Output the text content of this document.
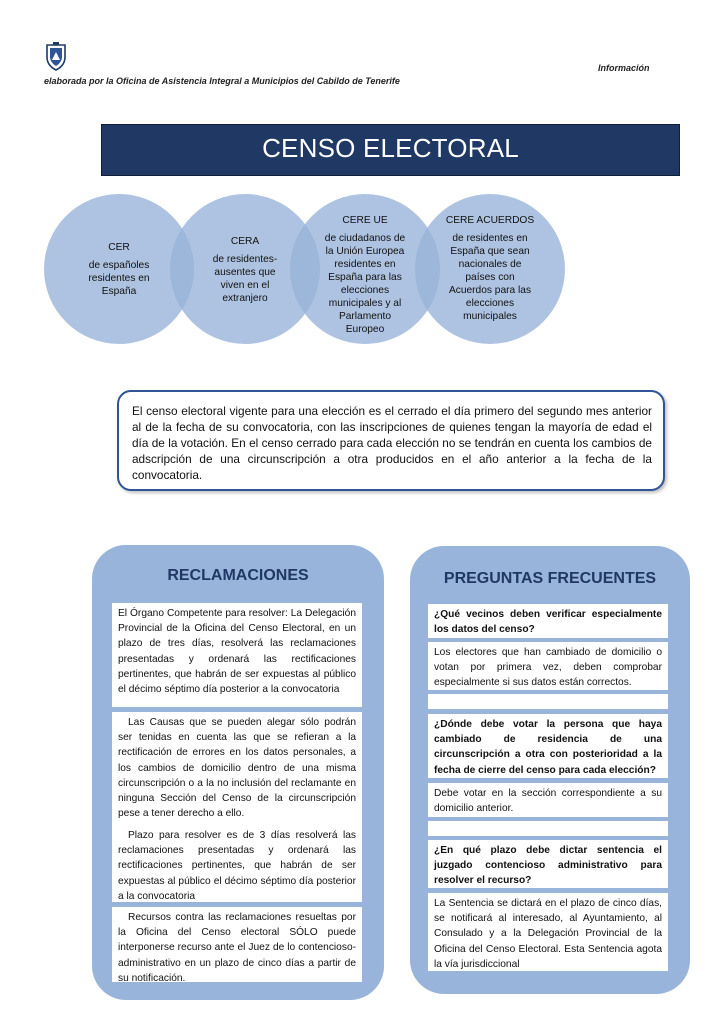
elaborada por la Oficina de Asistencia Integral a Municipios del Cabildo de Tenerife
Información
CENSO ELECTORAL
CER
de españoles
residentes en
España
CERA
de residentes-
ausentes que
viven en el
extranjero
CERE UE
de ciudadanos de
la Unión Europea
residentes en
España para las
elecciones
municipales y al
Parlamento
Europeo
CERE ACUERDOS
de residentes en
España que sean
nacionales de
países con
Acuerdos para las
elecciones
municipales
El censo electoral vigente para una elección es el cerrado el día primero del segundo mes anterior al de la fecha de su convocatoria, con las inscripciones de quienes tengan la mayoría de edad el día de la votación. En el censo cerrado para cada elección no se tendrán en cuenta los cambios de adscripción de una circunscripción a otra producidos en el año anterior a la fecha de la convocatoria.
RECLAMACIONES
El Órgano Competente para resolver: La Delegación Provincial de la Oficina del Censo Electoral, en un plazo de tres días, resolverá las reclamaciones presentadas y ordenará las rectificaciones pertinentes, que habrán de ser expuestas al público el décimo séptimo día posterior a la convocatoria
Las Causas que se pueden alegar sólo podrán ser tenidas en cuenta las que se refieran a la rectificación de errores en los datos personales, a los cambios de domicilio dentro de una misma circunscripción o a la no inclusión del reclamante en ninguna Sección del Censo de la circunscripción pese a tener derecho a ello.
Plazo para resolver es de 3 días resolverá las reclamaciones presentadas y ordenará las rectificaciones pertinentes, que habrán de ser expuestas al público el décimo séptimo día posterior a la convocatoria
Recursos contra las reclamaciones resueltas por la Oficina del Censo electoral SÓLO puede interponerse recurso ante el Juez de lo contencioso-administrativo en un plazo de cinco días a partir de su notificación.
PREGUNTAS FRECUENTES
¿Qué vecinos deben verificar especialmente los datos del censo?
Los electores que han cambiado de domicilio o votan por primera vez, deben comprobar especialmente si sus datos están correctos.
¿Dónde debe votar la persona que haya cambiado de residencia de una circunscripción a otra con posterioridad a la fecha de cierre del censo para cada elección?
Debe votar en la sección correspondiente a su domicilio anterior.
¿En qué plazo debe dictar sentencia el juzgado contencioso administrativo para resolver el recurso?
La Sentencia se dictará en el plazo de cinco días, se notificará al interesado, al Ayuntamiento, al Consulado y a la Delegación Provincial de la Oficina del Censo Electoral. Esta Sentencia agota la vía jurisdiccional
